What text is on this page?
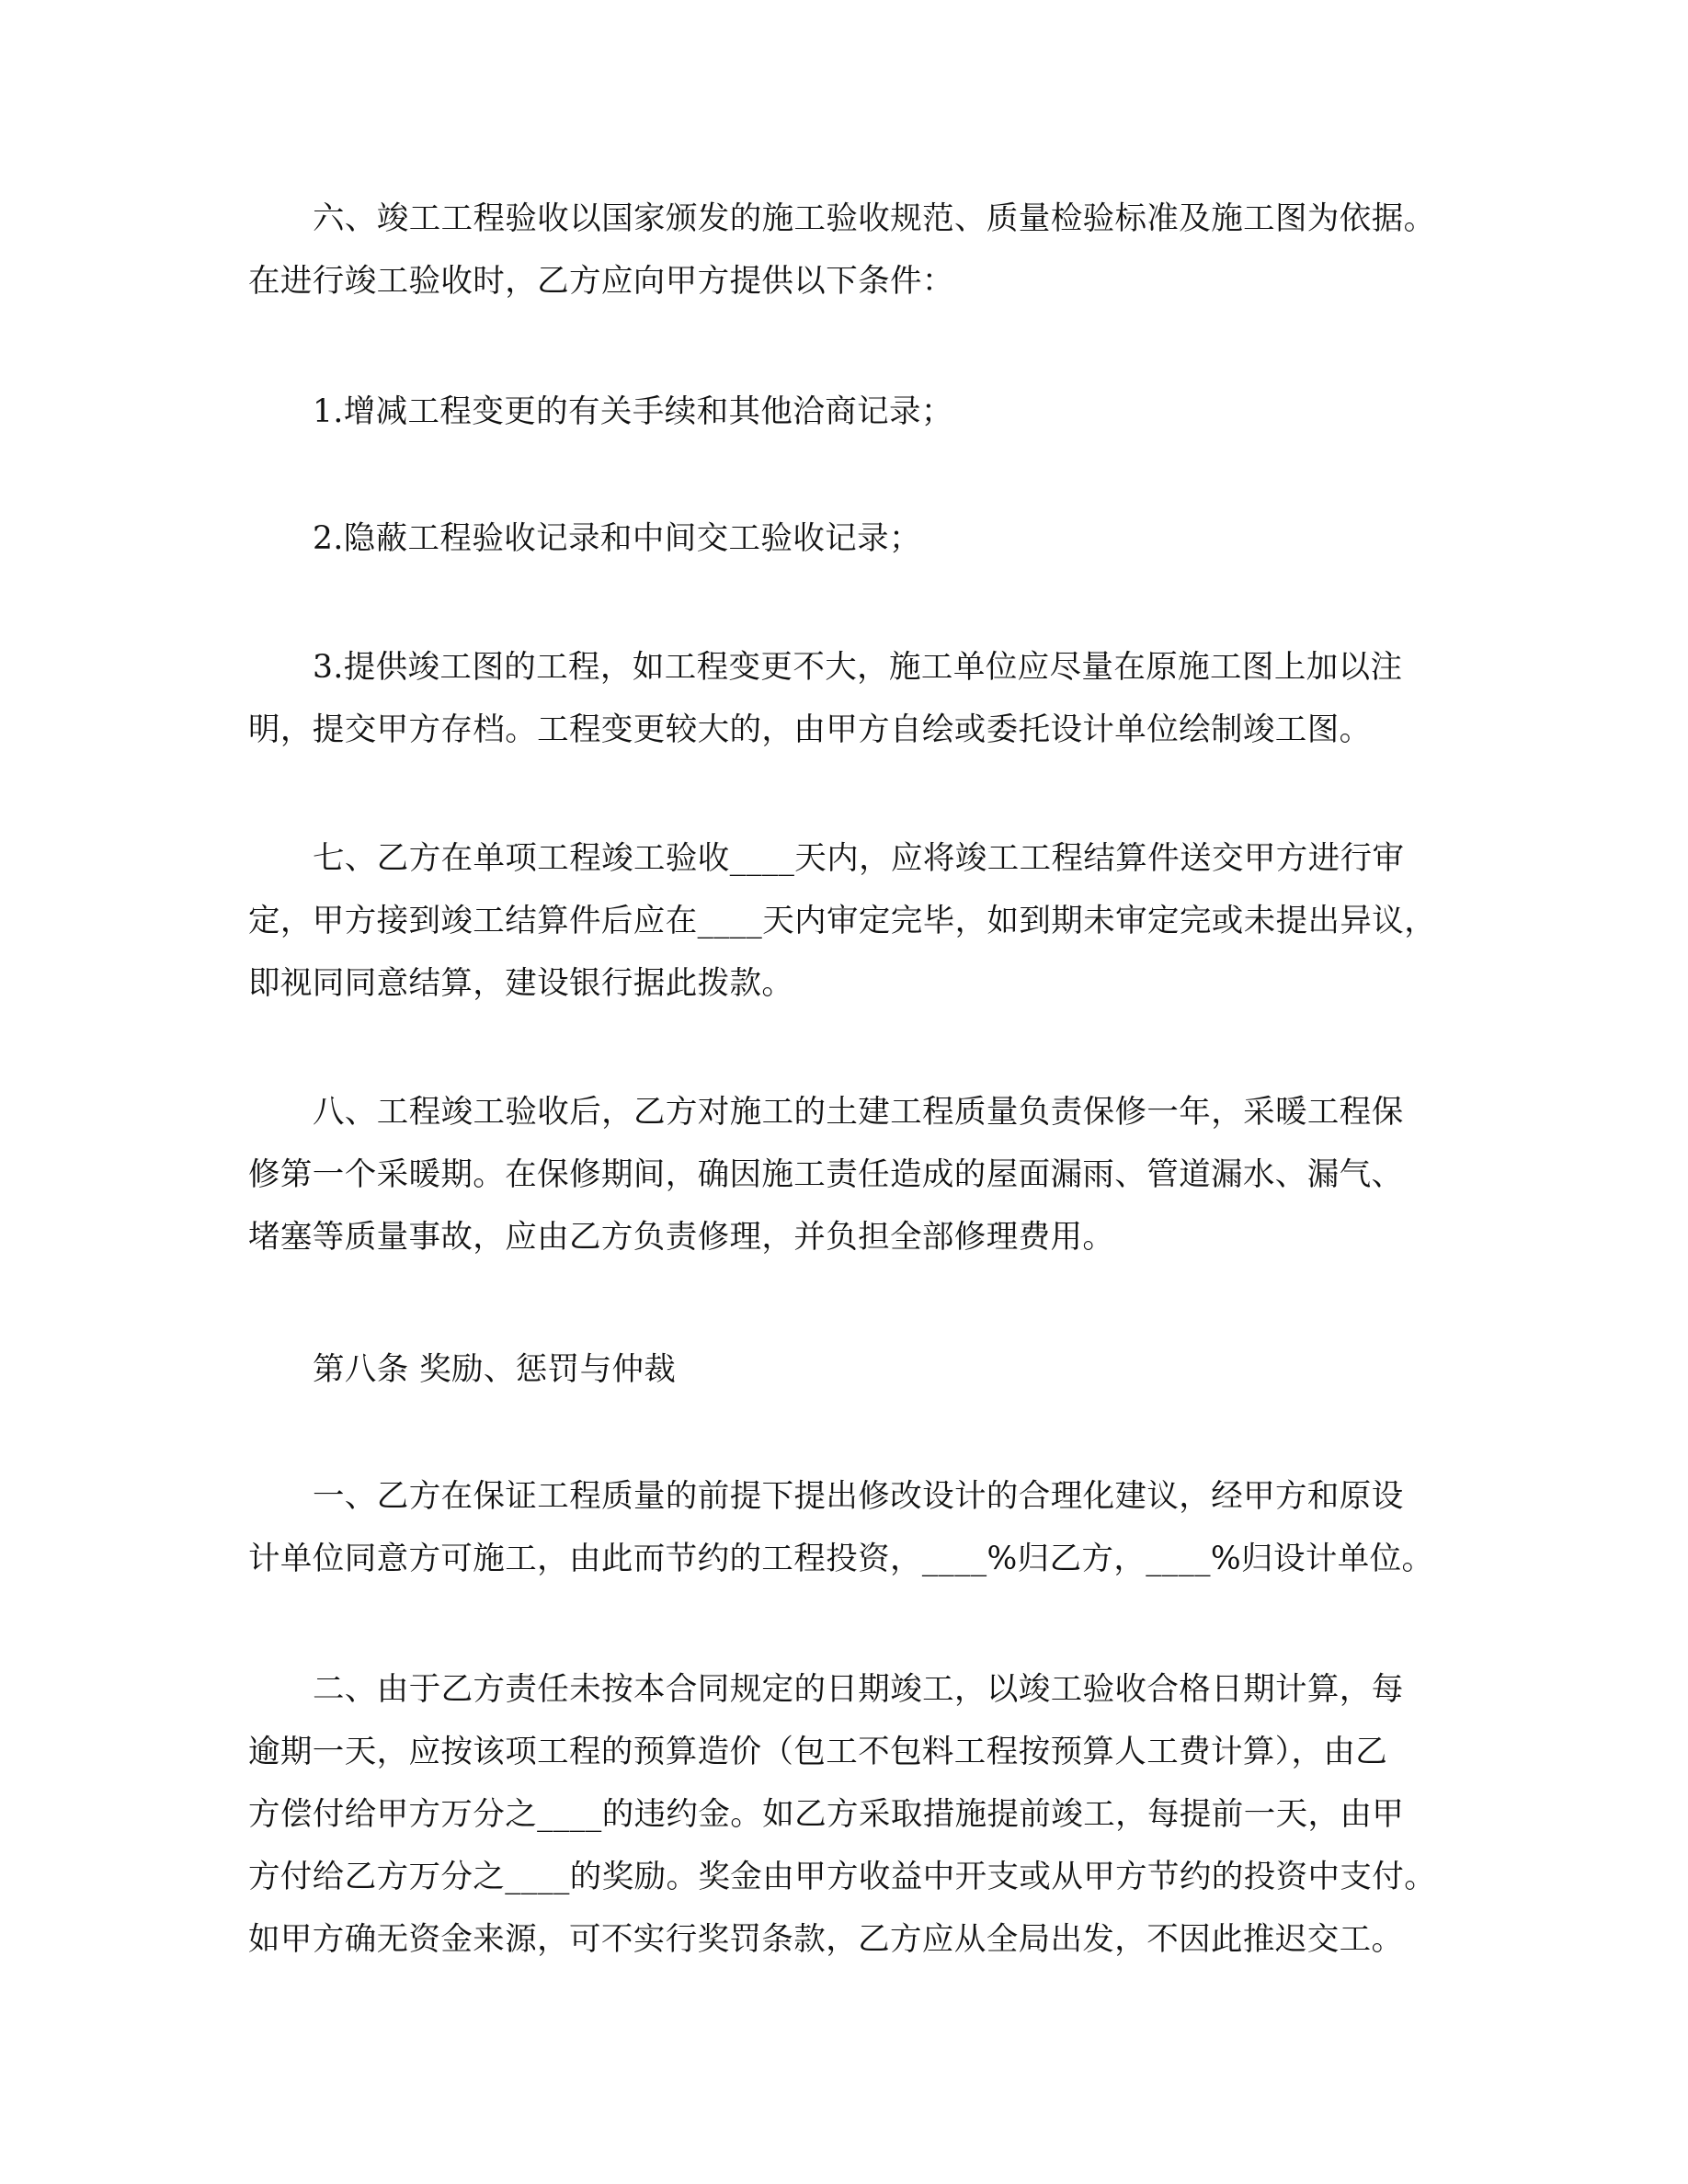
六、竣工工程验收以国家颁发的施工验收规范、质量检验标准及施工图为依据。
在进行竣工验收时，乙方应向甲方提供以下条件：
1.增减工程变更的有关手续和其他洽商记录；
2.隐蔽工程验收记录和中间交工验收记录；
3.提供竣工图的工程，如工程变更不大，施工单位应尽量在原施工图上加以注
明，提交甲方存档。工程变更较大的，由甲方自绘或委托设计单位绘制竣工图。
七、乙方在单项工程竣工验收____天内，应将竣工工程结算件送交甲方进行审
定，甲方接到竣工结算件后应在____天内审定完毕，如到期未审定完或未提出异议，
即视同同意结算，建设银行据此拨款。
八、工程竣工验收后，乙方对施工的土建工程质量负责保修一年，采暖工程保
修第一个采暖期。在保修期间，确因施工责任造成的屋面漏雨、管道漏水、漏气、
堵塞等质量事故，应由乙方负责修理，并负担全部修理费用。
第八条 奖励、惩罚与仲裁
一、乙方在保证工程质量的前提下提出修改设计的合理化建议，经甲方和原设
计单位同意方可施工，由此而节约的工程投资，____%归乙方，____%归设计单位。
二、由于乙方责任未按本合同规定的日期竣工，以竣工验收合格日期计算，每
逾期一天，应按该项工程的预算造价（包工不包料工程按预算人工费计算），由乙
方偿付给甲方万分之____的违约金。如乙方采取措施提前竣工，每提前一天，由甲
方付给乙方万分之____的奖励。奖金由甲方收益中开支或从甲方节约的投资中支付。
如甲方确无资金来源，可不实行奖罚条款，乙方应从全局出发，不因此推迟交工。
